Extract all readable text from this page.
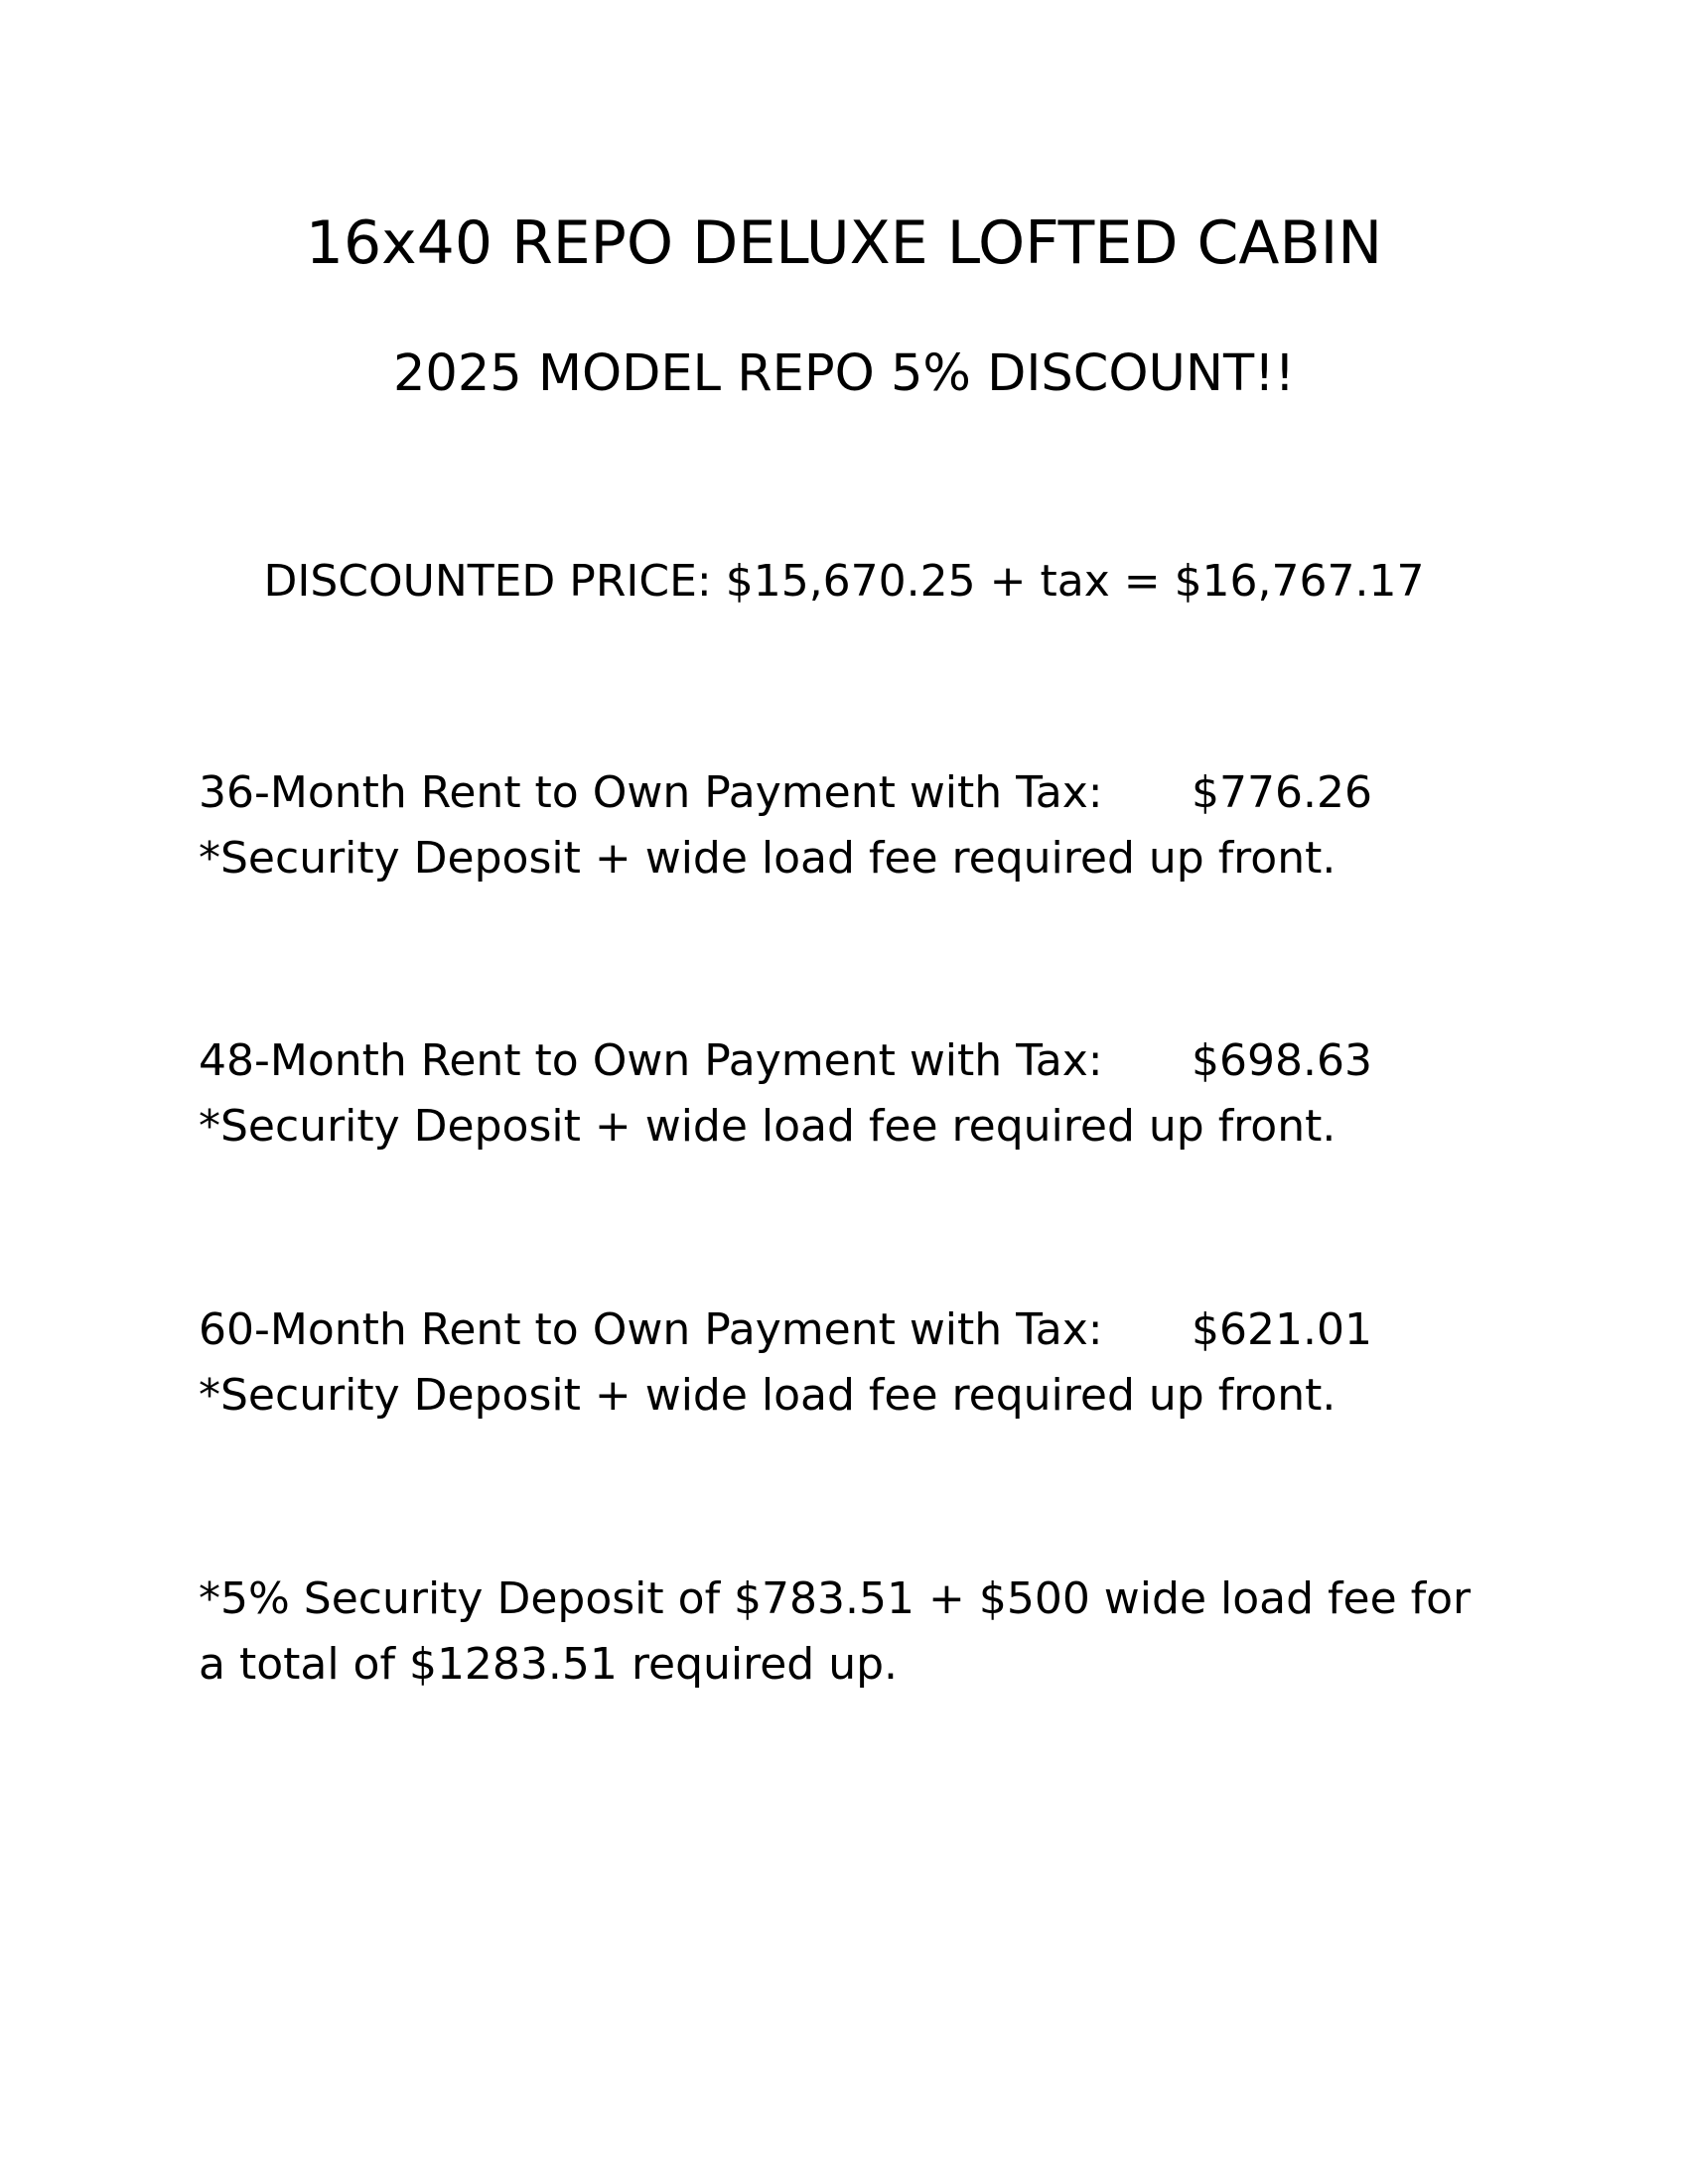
16x40 REPO DELUXE LOFTED CABIN
2025 MODEL REPO 5% DISCOUNT!!
DISCOUNTED PRICE: $15,670.25 + tax = $16,767.17
36-Month Rent to Own Payment with Tax: $776.26
*Security Deposit + wide load fee required up front.
48-Month Rent to Own Payment with Tax: $698.63
*Security Deposit + wide load fee required up front.
60-Month Rent to Own Payment with Tax: $621.01
*Security Deposit + wide load fee required up front.
*5% Security Deposit of $783.51 + $500 wide load fee for a total of $1283.51 required up.
